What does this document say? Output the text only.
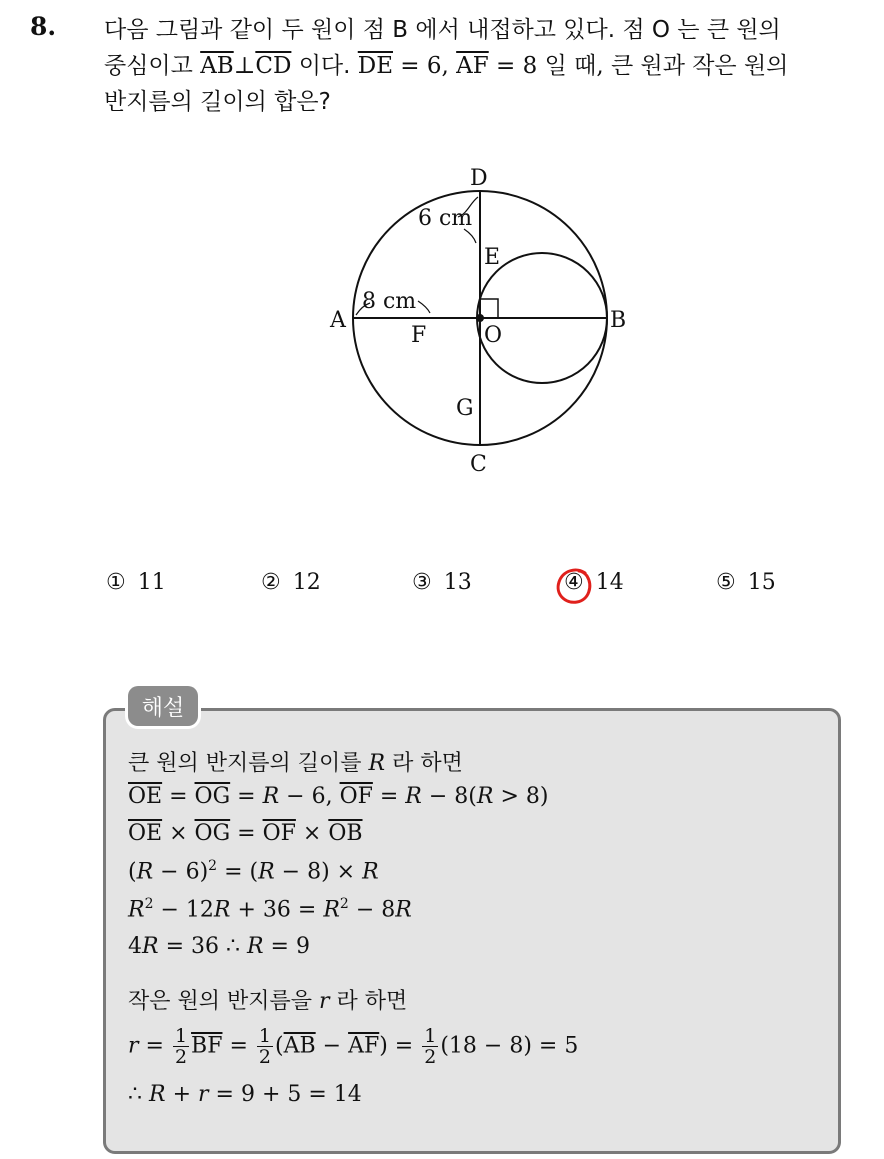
8. 다음 그림과 같이 두 원이 점 B 에서 내접하고 있다. 점 O 는 큰 원의
중심이고 $\overline{AB}\perp\overline{CD}$ 이다. $\overline{DE} = 6$, $\overline{AF} = 8$ 일 때, 큰 원과 작은 원의
반지름의 길이의 합은?
D
C
A	B
E
F	O
G
6 cm
8 cm
① 11	② 12	③ 13	④ 14	⑤ 15
해설
큰 원의 반지름의 길이를 R 라 하면
$\overline{OE} = \overline{OG} = R - 6$, $\overline{OF} = R - 8(R > 8)$
$\overline{OE} \times \overline{OG} = \overline{OF} \times \overline{OB}$
$(R - 6)^2 = (R - 8) \times R$
$R^2 - 12R + 36 = R^2 - 8R$
4R = 36 ∴ R = 9
작은 원의 반지름을 r 라 하면
$r = \frac{1}{2} \overline{BF} = \frac{1}{2} (\overline{AB} - \overline{AF}) = \frac{1}{2} (18 - 8) = 5$
∴ R + r = 9 + 5 = 14
